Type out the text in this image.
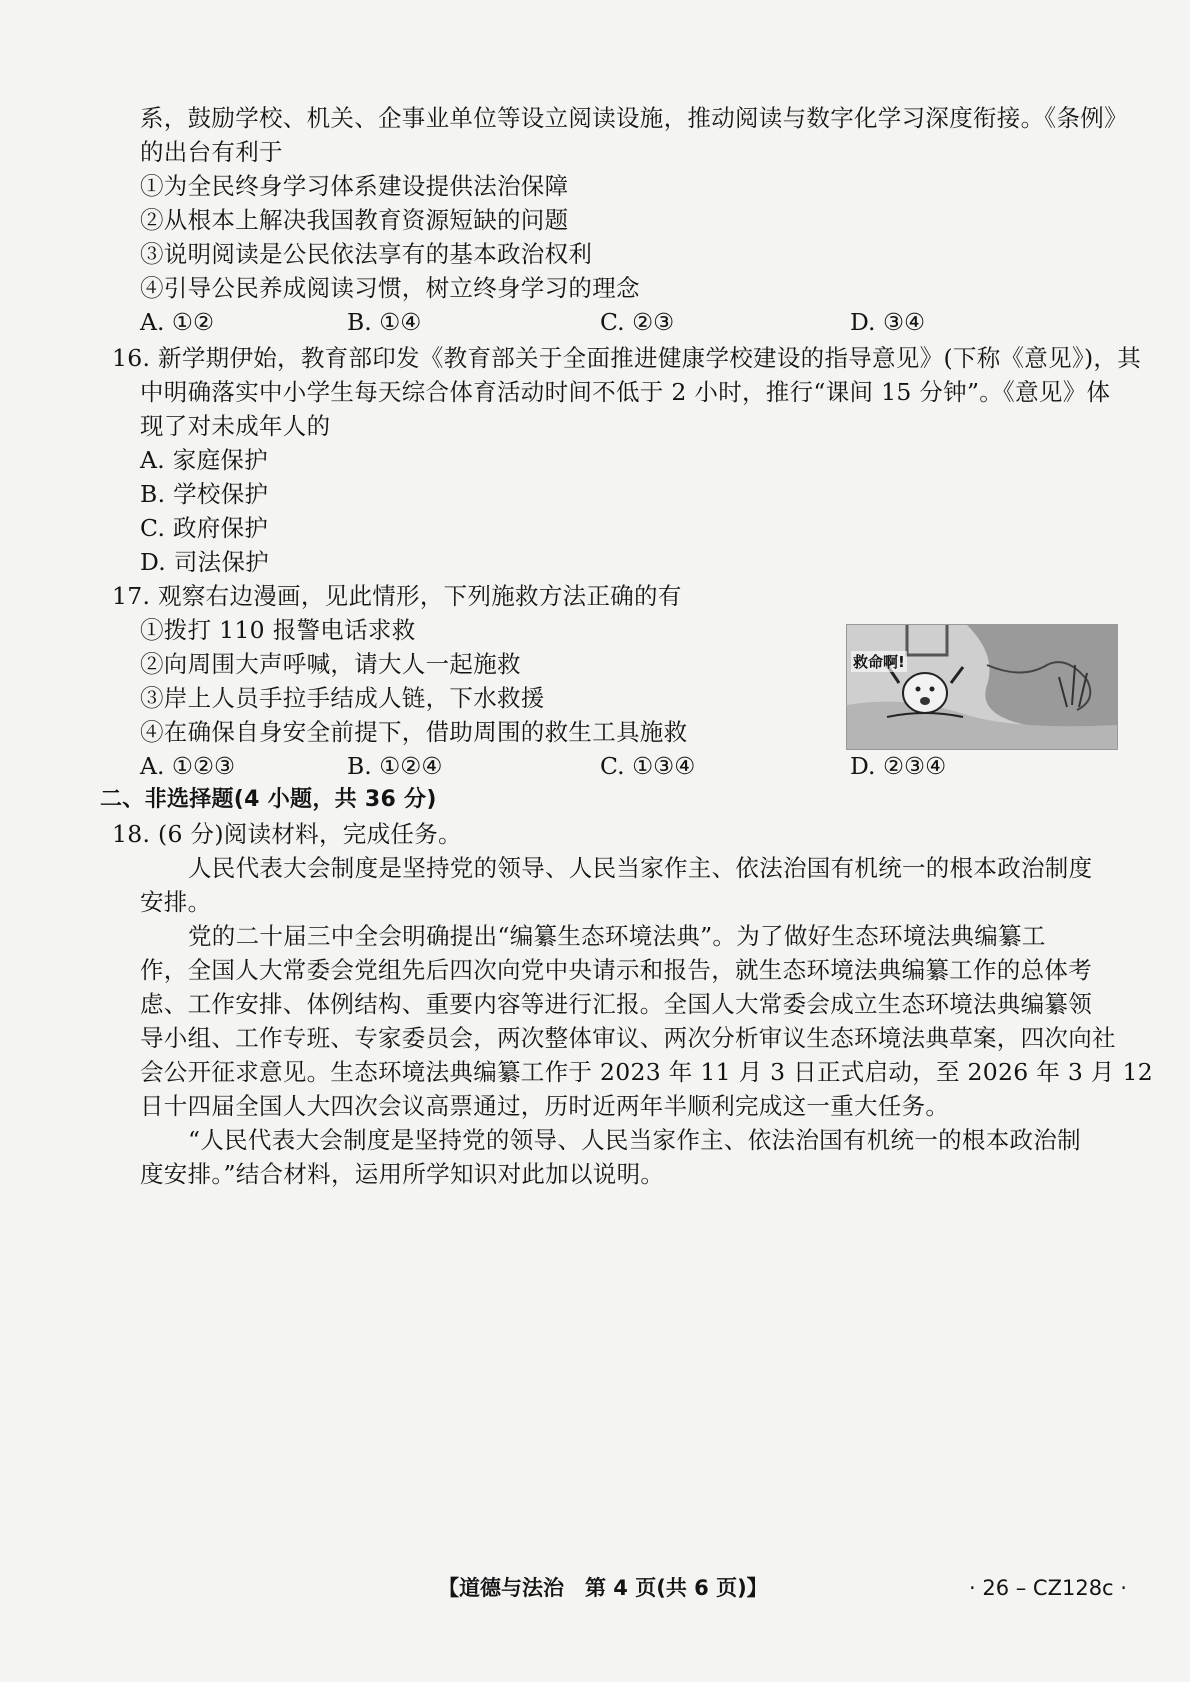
系，鼓励学校、机关、企事业单位等设立阅读设施，推动阅读与数字化学习深度衔接。《条例》
的出台有利于
①为全民终身学习体系建设提供法治保障
②从根本上解决我国教育资源短缺的问题
③说明阅读是公民依法享有的基本政治权利
④引导公民养成阅读习惯，树立终身学习的理念
A. ①②	B. ①④	C. ②③	D. ③④
16. 新学期伊始，教育部印发《教育部关于全面推进健康学校建设的指导意见》(下称《意见》)，其
中明确落实中小学生每天综合体育活动时间不低于 2 小时，推行“课间 15 分钟”。《意见》体
现了对未成年人的
A. 家庭保护
B. 学校保护
C. 政府保护
D. 司法保护
17. 观察右边漫画，见此情形，下列施救方法正确的有
①拨打 110 报警电话求救
②向周围大声呼喊，请大人一起施救
③岸上人员手拉手结成人链，下水救援
④在确保自身安全前提下，借助周围的救生工具施救
A. ①②③	B. ①②④	C. ①③④	D. ②③④
救命啊!
二、非选择题(4 小题，共 36 分)
18. (6 分)阅读材料，完成任务。
人民代表大会制度是坚持党的领导、人民当家作主、依法治国有机统一的根本政治制度
安排。
党的二十届三中全会明确提出“编纂生态环境法典”。为了做好生态环境法典编纂工
作，全国人大常委会党组先后四次向党中央请示和报告，就生态环境法典编纂工作的总体考
虑、工作安排、体例结构、重要内容等进行汇报。全国人大常委会成立生态环境法典编纂领
导小组、工作专班、专家委员会，两次整体审议、两次分析审议生态环境法典草案，四次向社
会公开征求意见。生态环境法典编纂工作于 2023 年 11 月 3 日正式启动，至 2026 年 3 月 12
日十四届全国人大四次会议高票通过，历时近两年半顺利完成这一重大任务。
“人民代表大会制度是坚持党的领导、人民当家作主、依法治国有机统一的根本政治制
度安排。”结合材料，运用所学知识对此加以说明。
【道德与法治　第 4 页(共 6 页)】	· 26 – CZ128c ·
